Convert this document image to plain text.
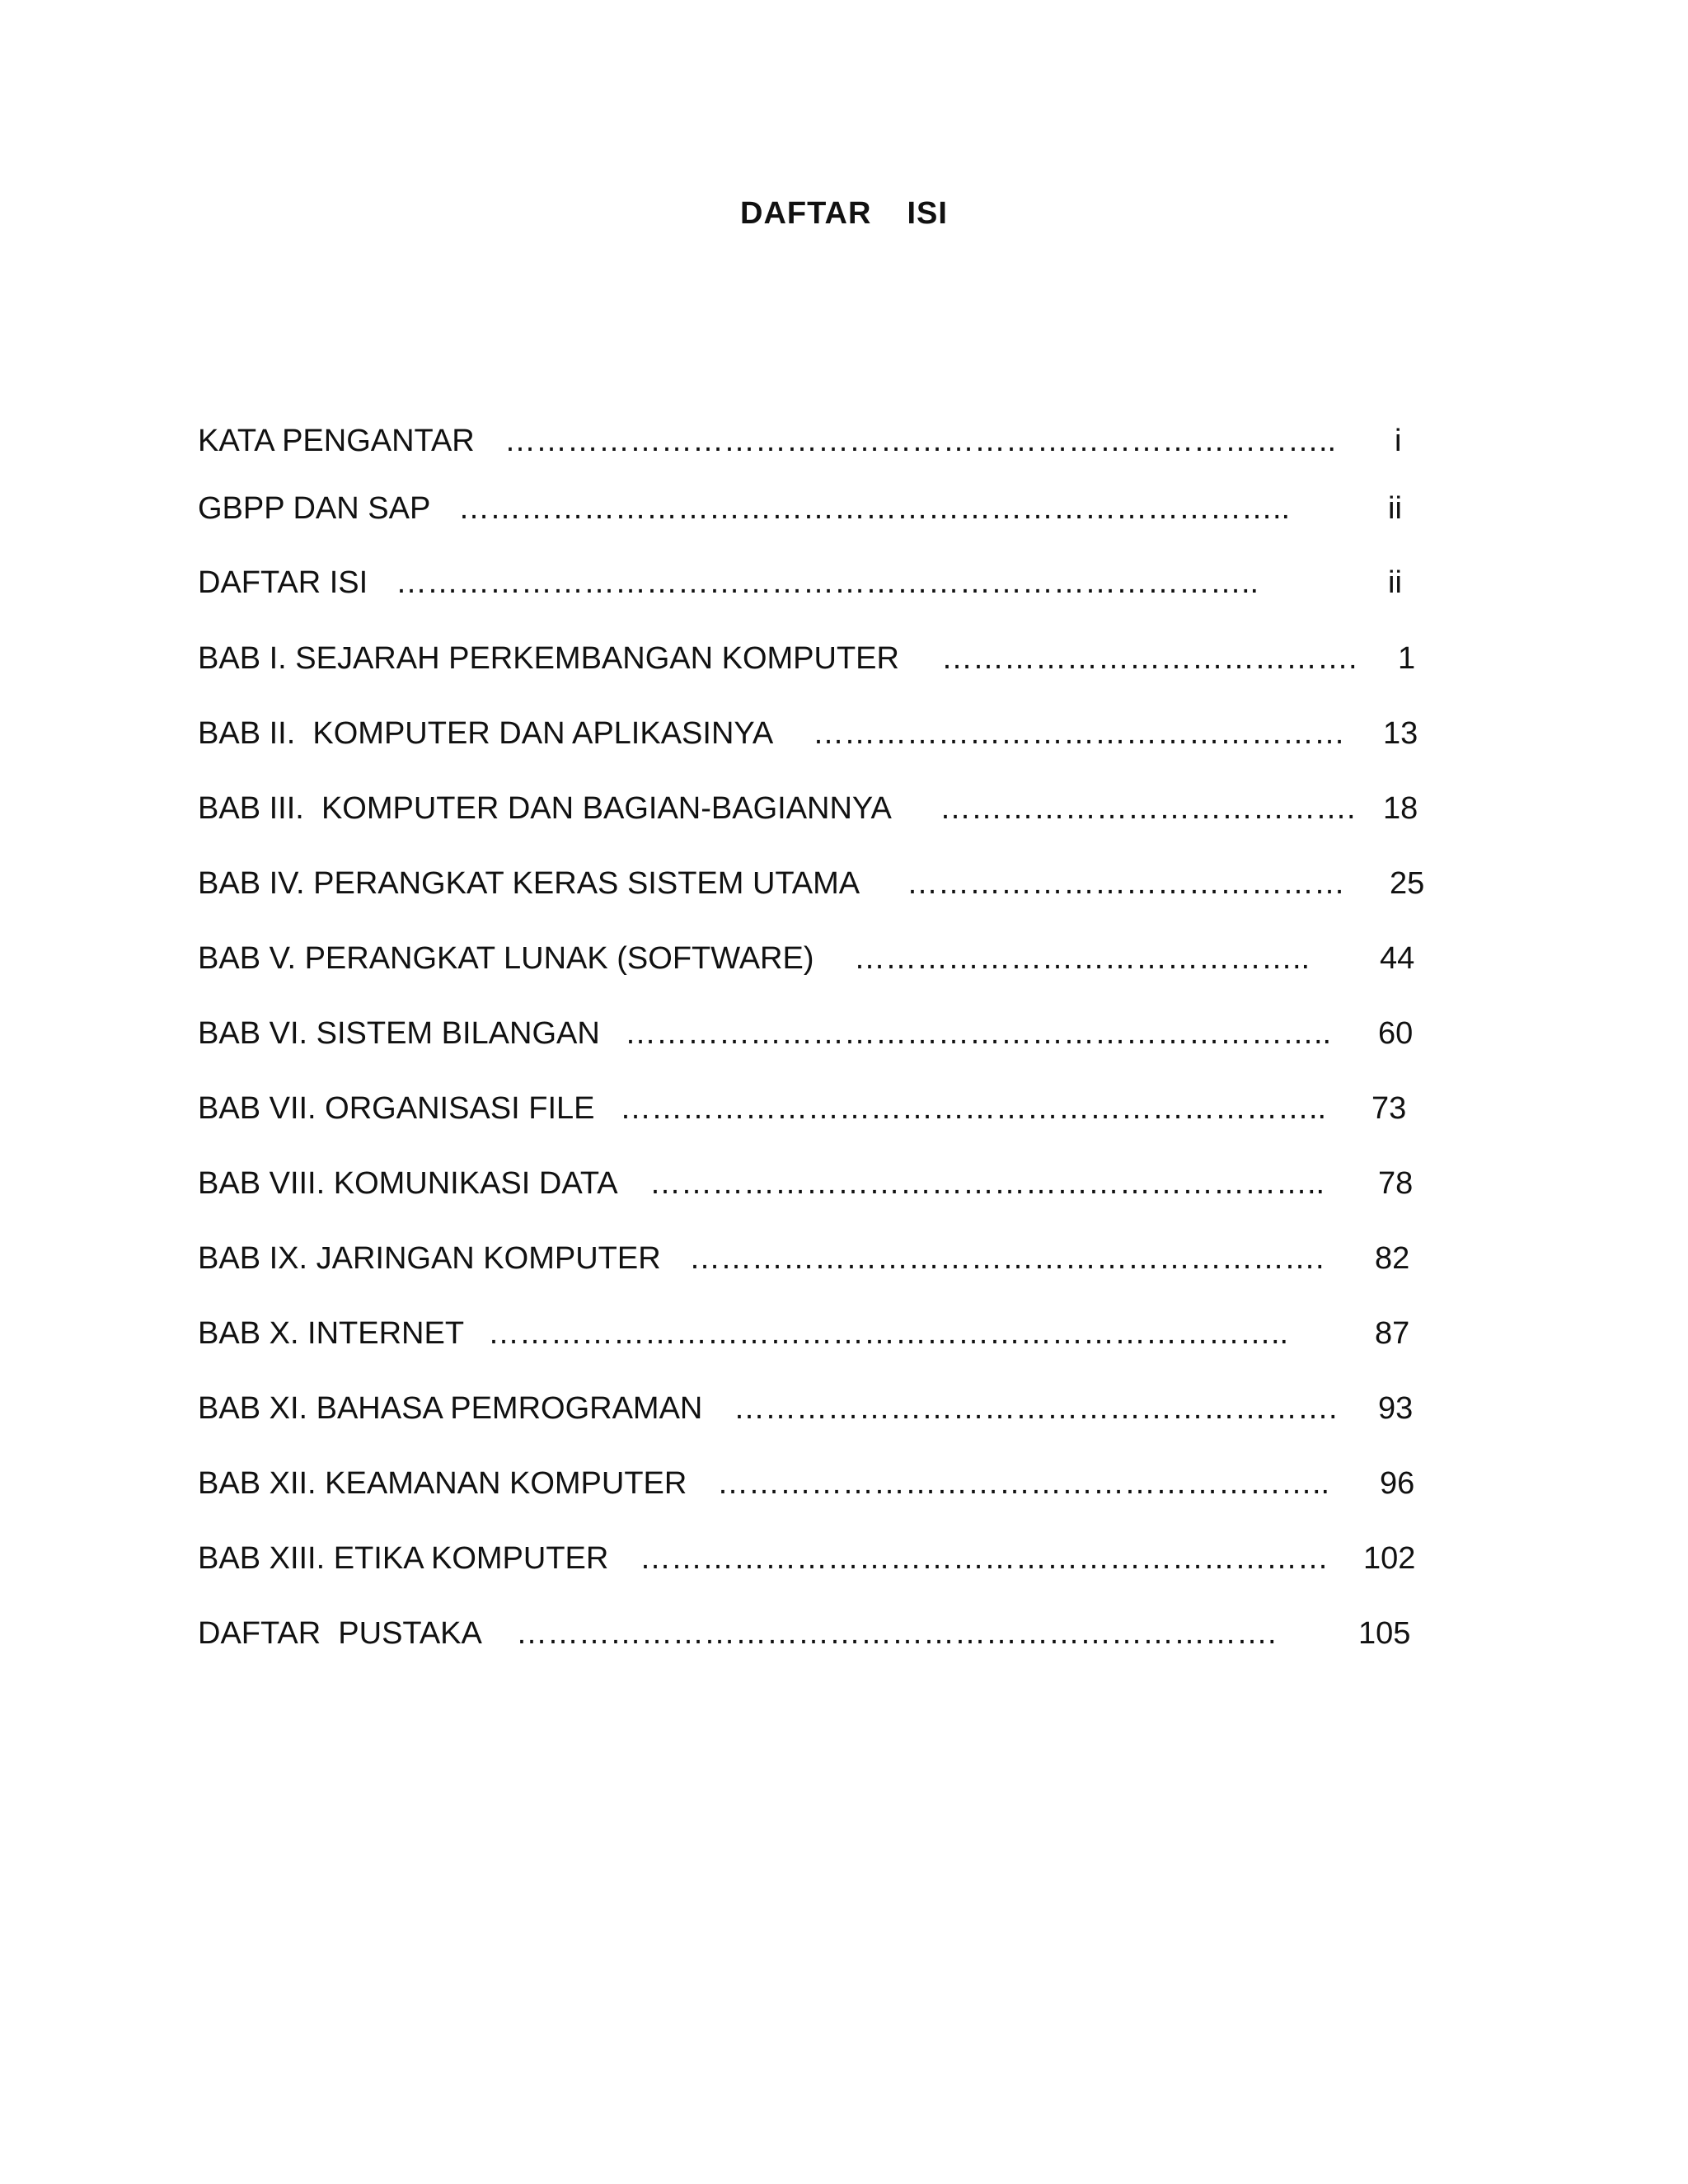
DAFTAR  ISI
KATA PENGANTAR …………………………………………………………………….. i
GBPP DAN SAP ……………………………………………………………………..	ii
DAFTAR ISI ………………………………………………………………………..	ii
BAB I. SEJARAH PERKEMBANGAN KOMPUTER …………………………………. 1
BAB II.  KOMPUTER DAN APLIKASINYA …………………………………………… 13
BAB III.  KOMPUTER DAN BAGIAN-BAGIANNYA …………………………………. 18
BAB IV. PERANGKAT KERAS SISTEM UTAMA …………………………………… 25
BAB V. PERANGKAT LUNAK (SOFTWARE) …………………………………….. 44
BAB VI. SISTEM BILANGAN ………………………………………………………….. 60
BAB VII. ORGANISASI FILE ………………………………………………………….. 73
BAB VIII. KOMUNIKASI DATA ……………………………………………………….. 78
BAB IX. JARINGAN KOMPUTER ……………………………………………………. 82
BAB X. INTERNET …………………………………………………………………..	87
BAB XI. BAHASA PEMROGRAMAN …………………………………………………. 93
BAB XII. KEAMANAN KOMPUTER ………………………………………………….. 96
BAB XIII. ETIKA KOMPUTER ………………………………………………………… 102
DAFTAR  PUSTAKA ……………………………………………………………….	105
